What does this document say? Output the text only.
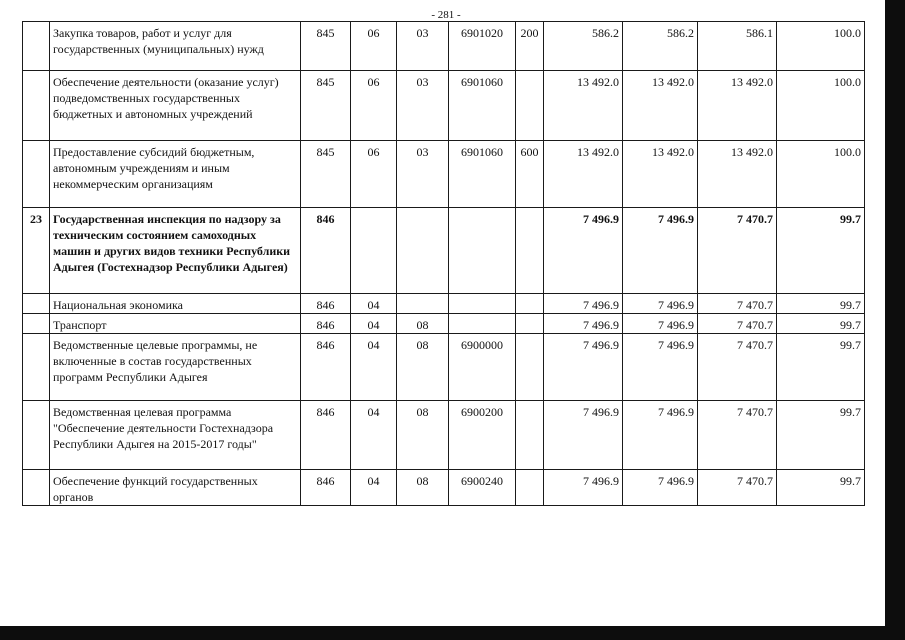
- 281 -
	Закупка товаров, работ и услуг для государственных (муниципальных) нужд	845	06	03	6901020	200	586.2	586.2	586.1	100.0
	Обеспечение деятельности (оказание услуг) подведомственных государственных бюджетных и автономных учреждений	845	06	03	6901060		13 492.0	13 492.0	13 492.0	100.0
	Предоставление субсидий бюджетным, автономным учреждениям и иным некоммерческим организациям	845	06	03	6901060	600	13 492.0	13 492.0	13 492.0	100.0
23	Государственная инспекция по надзору за техническим состоянием самоходных машин и других видов техники Республики Адыгея (Гостехнадзор Республики Адыгея)	846					7 496.9	7 496.9	7 470.7	99.7
	Национальная экономика	846	04				7 496.9	7 496.9	7 470.7	99.7
	Транспорт	846	04	08			7 496.9	7 496.9	7 470.7	99.7
	Ведомственные целевые программы, не включенные в состав государственных программ Республики Адыгея	846	04	08	6900000		7 496.9	7 496.9	7 470.7	99.7
	Ведомственная целевая программа "Обеспечение деятельности Гостехнадзора Республики Адыгея на 2015-2017 годы"	846	04	08	6900200		7 496.9	7 496.9	7 470.7	99.7
	Обеспечение функций государственных органов	846	04	08	6900240		7 496.9	7 496.9	7 470.7	99.7
